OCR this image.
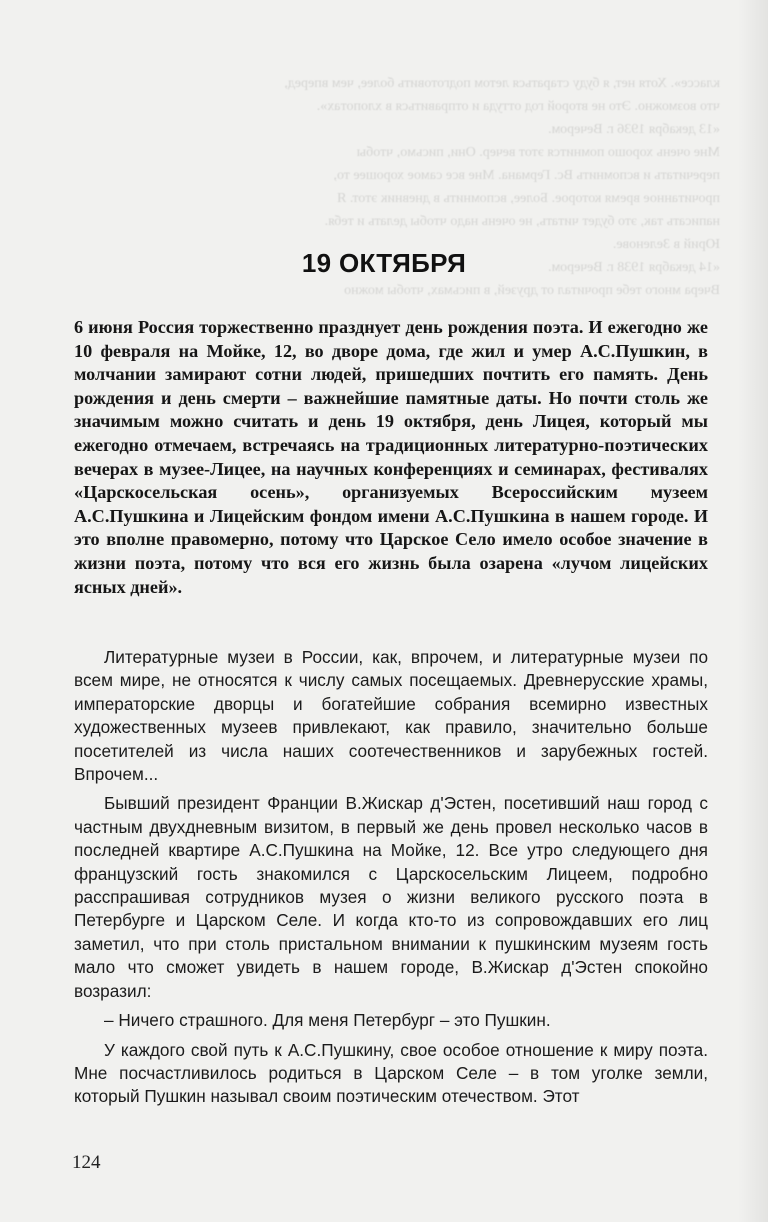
классе». Хотя нет, я буду стараться летом подготовить более, чем вперед,
что возможно. Это не второй год оттуда и отправиться в хлопотах».
«13 декабря 1936 г. Вечером.
Мне очень хорошо помнится этот вечер. Они, письмо, чтобы
перечитать и вспомнить Вс. Германа. Мне все самое хорошее то,
прочитанное время которое. Более, вспомнить в дневник этот. Я
написать так, это будет читать, не очень надо чтобы делать и тебя.
Юрий в Зеленове.
«14 декабря 1938 г. Вечером.
Вчера много тебе прочитал от друзей, в письмах, чтобы можно
19 ОКТЯБРЯ
6 июня Россия торжественно празднует день рождения поэта. И ежегодно же 10 февраля на Мойке, 12, во дворе дома, где жил и умер А.С.Пушкин, в молчании замирают сотни людей, пришедших почтить его память. День рождения и день смерти – важнейшие памятные даты. Но почти столь же значимым можно считать и день 19 октября, день Лицея, который мы ежегодно отмечаем, встречаясь на традиционных литературно-поэтических вечерах в музее-Лицее, на научных конференциях и семинарах, фестивалях «Царскосельская осень», организуемых Всероссийским музеем А.С.Пушкина и Лицейским фондом имени А.С.Пушкина в нашем городе. И это вполне правомерно, потому что Царское Село имело особое значение в жизни поэта, потому что вся его жизнь была озарена «лучом лицейских ясных дней».

Литературные музеи в России, как, впрочем, и литературные музеи по всем мире, не относятся к числу самых посещаемых. Древнерусские храмы, императорские дворцы и богатейшие собрания всемирно известных художественных музеев привлекают, как правило, значительно больше посетителей из числа наших соотечественников и зарубежных гостей. Впрочем...

Бывший президент Франции В.Жискар д'Эстен, посетивший наш город с частным двухдневным визитом, в первый же день провел несколько часов в последней квартире А.С.Пушкина на Мойке, 12. Все утро следующего дня французский гость знакомился с Царскосельским Лицеем, подробно расспрашивая сотрудников музея о жизни великого русского поэта в Петербурге и Царском Селе. И когда кто-то из сопровождавших его лиц заметил, что при столь пристальном внимании к пушкинским музеям гость мало что сможет увидеть в нашем городе, В.Жискар д'Эстен спокойно возразил:

– Ничего страшного. Для меня Петербург – это Пушкин.

У каждого свой путь к А.С.Пушкину, свое особое отношение к миру поэта. Мне посчастливилось родиться в Царском Селе – в том уголке земли, который Пушкин называл своим поэтическим отечеством. Этот

124
